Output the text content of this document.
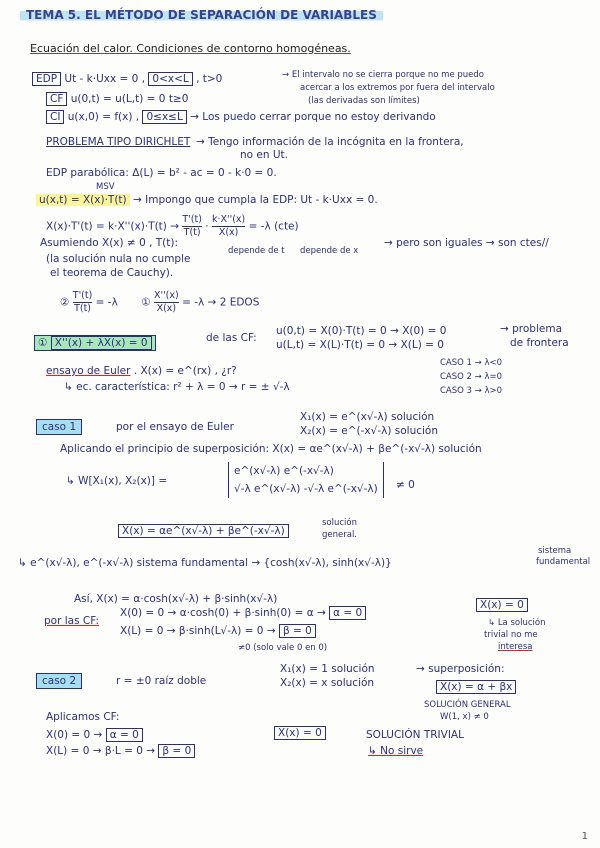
TEMA 5. EL MÉTODO DE SEPARACIÓN DE VARIABLES
Ecuación del calor. Condiciones de contorno homogéneas.
EDP Ut - k·Uxx = 0 , 0<x<L , t>0	→ El intervalo no se cierra porque no me puedo
acercar a los extremos por fuera del intervalo
(las derivadas son límites)
CF u(0,t) = u(L,t) = 0 t≥0
CI u(x,0) = f(x) , 0≤x≤L → Los puedo cerrar porque no estoy derivando
PROBLEMA TIPO DIRICHLET → Tengo información de la incógnita en la frontera,
no en Ut.
EDP parabólica: Δ(L) = b² - ac = 0 - k·0 = 0.
MSV
u(x,t) = X(x)·T(t) → Impongo que cumpla la EDP: Ut - k·Uxx = 0.
$X(x)\cdot T'(t) = k\cdot X''(x)\cdot T(t) \to \frac{T'(t)}{T(t)} \cdot \frac{k\cdot X''(x)}{X(x)} = -\lambda$ (cte)
depende de t depende de x
Asumiendo X(x) ≠ 0 , T(t):
(la solución nula no cumple
el teorema de Cauchy).
→ pero son iguales → son ctes//
② $\frac{T'(t)}{T(t)} = -\lambda$ ① $\frac{X''(x)}{X(x)} = -\lambda \to 2$ EDOS
① X''(x) + λX(x) = 0	de las CF:
u(0,t) = X(0)·T(t) = 0 → X(0) = 0
u(L,t) = X(L)·T(t) = 0 → X(L) = 0
→ problema
de frontera
ensayo de Euler . X(x) = e^(rx) , ¿r?
↳ ec. característica: r² + λ = 0 → r = ± √-λ
CASO 1 → λ<0
CASO 2 → λ=0
CASO 3 → λ>0
caso 1	por el ensayo de Euler
X₁(x) = e^(x√-λ) solución
X₂(x) = e^(-x√-λ) solución
Aplicando el principio de superposición: X(x) = αe^(x√-λ) + βe^(-x√-λ) solución
↳ W[X₁(x), X₂(x)] =
e^(x√-λ) e^(-x√-λ)
√-λ e^(x√-λ) -√-λ e^(-x√-λ) ≠ 0
X(x) = αe^(x√-λ) + βe^(-x√-λ)
solución
general.
↳ e^(x√-λ), e^(-x√-λ) sistema fundamental → {cosh(x√-λ), sinh(x√-λ)}
sistema
fundamental
Así, X(x) = α·cosh(x√-λ) + β·sinh(x√-λ)
por las CF:
X(0) = 0 → α·cosh(0) + β·sinh(0) = α → α = 0
X(L) = 0 → β·sinh(L√-λ) = 0 → β = 0
≠0 (solo vale 0 en 0)
X(x) = 0
↳ La solución
trivial no me
interesa
caso 2	r = ±0 raíz doble
X₁(x) = 1 solución
X₂(x) = x solución
→ superposición:
X(x) = α + βx
SOLUCIÓN GENERAL
W(1, x) ≠ 0
Aplicamos CF:
X(0) = 0 → α = 0
X(L) = 0 → β·L = 0 → β = 0
X(x) = 0	SOLUCIÓN TRIVIAL
↳ No sirve
1
